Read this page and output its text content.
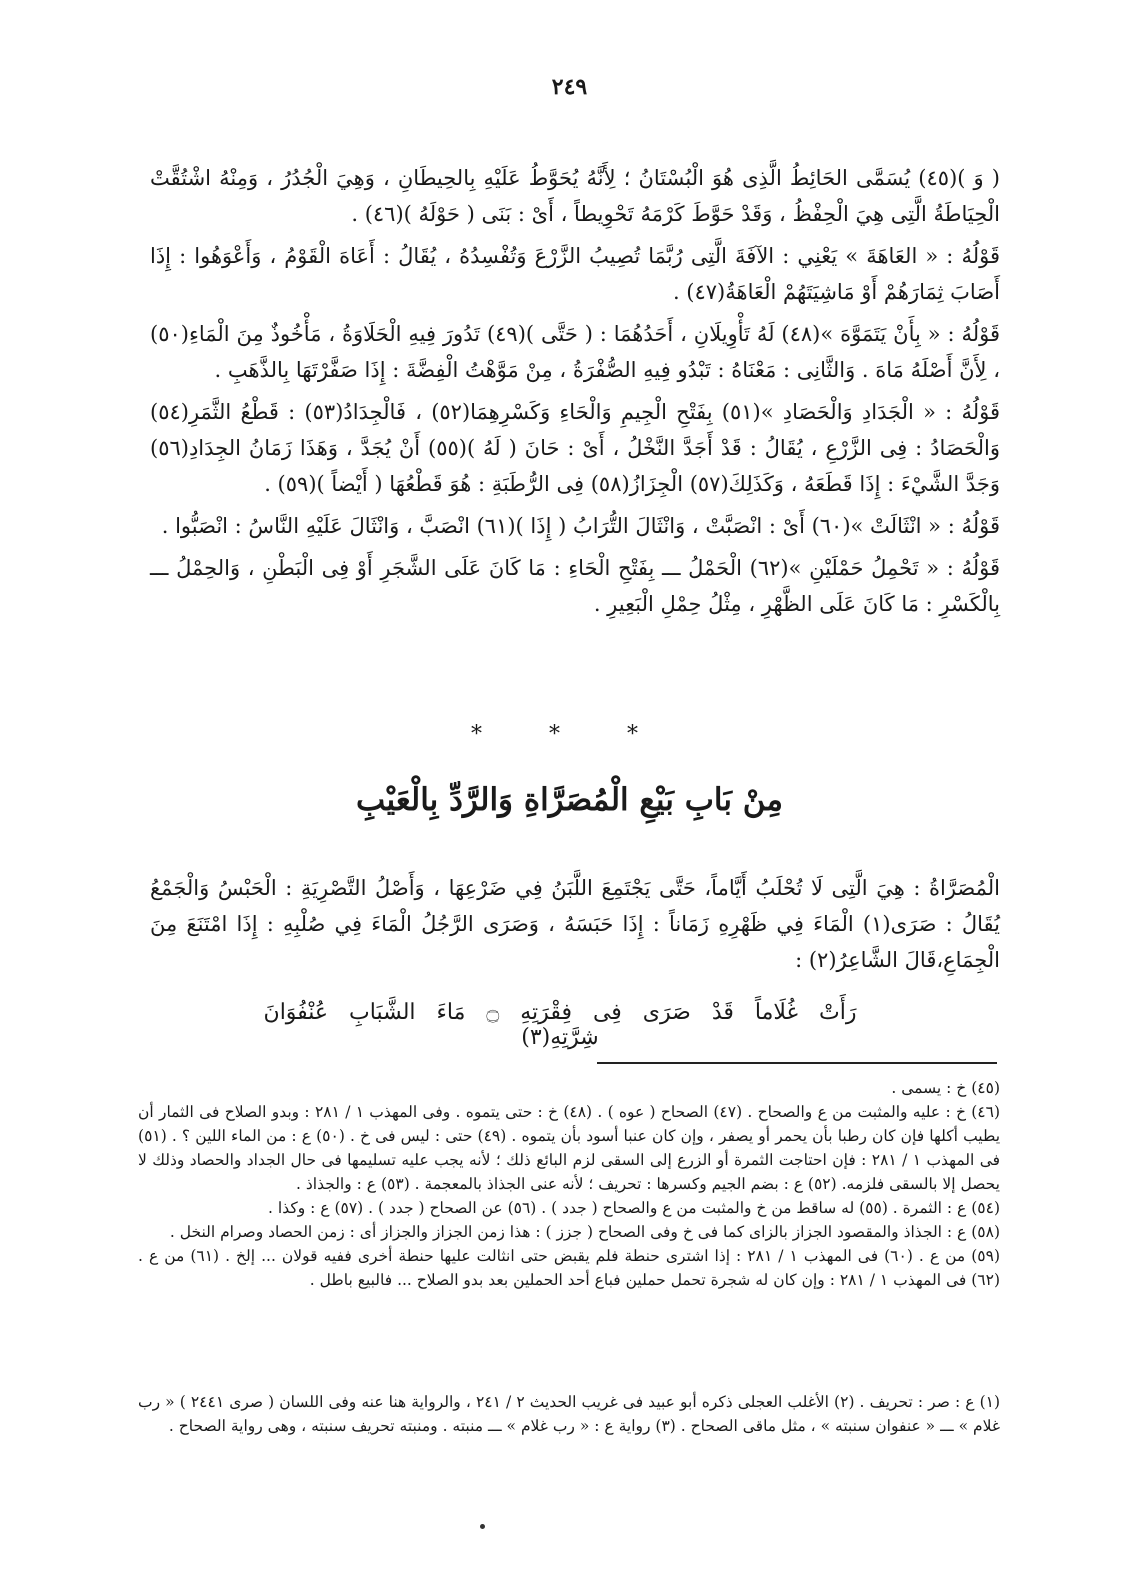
٢٤٩

( وَ )(٤٥) يُسَمَّى الحَائِطُ الَّذِى هُوَ الْبُسْتَانُ ؛ لِأَنَّهُ يُحَوَّطُ عَلَيْهِ بِالحِيطَانِ ، وَهِيَ الْجُدُرُ ، وَمِنْهُ اشْتُقَّتْ الْحِيَاطَةُ الَّتِى هِيَ الْحِفْظُ ، وَقَدْ حَوَّطَ كَرْمَهُ تَحْوِيطاً ، أَىْ : بَنَى ( حَوْلَهُ )(٤٦) .

قَوْلُهُ : « العَاهَةَ » يَعْنِي : الآفَةَ الَّتِى رُبَّمَا تُصِيبُ الزَّرْعَ وَتُفْسِدُهُ ، يُقَالُ : أَعَاهَ الْقَوْمُ ، وَأَعْوَهُوا : إِذَا أَصَابَ ثِمَارَهُمْ أَوْ مَاشِيَتَهُمْ الْعَاهَةُ(٤٧) .

قَوْلُهُ : « بِأَنْ يَتَمَوَّهَ »(٤٨) لَهُ تَأْوِيلَانِ ، أَحَدُهُمَا : ( حَتَّى )(٤٩) تَدُورَ فِيهِ الْحَلَاوَةُ ، مَأْخُوذٌ مِنَ الْمَاءِ(٥٠) ، لِأَنَّ أَصْلَهُ مَاهَ . وَالثَّانِى : مَعْنَاهُ : تَبْدُو فِيهِ الصُّفْرَةُ ، مِنْ مَوَّهْتُ الْفِضَّةَ : إِذَا صَفَّرْتَهَا بِالذَّهَبِ .

قَوْلُهُ : « الْجَدَادِ وَالْحَصَادِ »(٥١) بِفَتْحِ الْجِيمِ وَالْحَاءِ وَكَسْرِهِمَا(٥٢) ، فَالْجِدَادُ(٥٣) : قَطْعُ الثَّمَرِ(٥٤) وَالْحَصَادُ : فِى الزَّرْعِ ، يُقَالُ : قَدْ أَجَدَّ النَّخْلُ ، أَىْ : حَانَ ( لَهُ )(٥٥) أَنْ يُجَدَّ ، وَهَذَا زَمَانُ الجِدَادِ(٥٦) وَجَدَّ الشَّيْءَ : إِذَا قَطَعَهُ ، وَكَذَلِكَ(٥٧) الْجِزَازُ(٥٨) فِى الرُّطَبَةِ : هُوَ قَطْعُهَا ( أَيْضاً )(٥٩) .

قَوْلُهُ : « انْثَالَتْ »(٦٠) أَىْ : انْصَبَّتْ ، وَانْثَالَ التُّرَابُ ( إِذَا )(٦١) انْصَبَّ ، وَانْثَالَ عَلَيْهِ النَّاسُ : انْصَبُّوا .

قَوْلُهُ : « تَحْمِلُ حَمْلَيْنِ »(٦٢) الْحَمْلُ ـــ بِفَتْحِ الْحَاءِ : مَا كَانَ عَلَى الشَّجَرِ أَوْ فِى الْبَطْنِ ، وَالحِمْلُ ـــ بِالْكَسْرِ : مَا كَانَ عَلَى الظَّهْرِ ، مِثْلُ حِمْلِ الْبَعِيرِ .

* * *
مِنْ بَابِ بَيْعِ الْمُصَرَّاةِ وَالرَّدِّ بِالْعَيْبِ

الْمُصَرَّاةُ : هِيَ الَّتِى لَا تُحْلَبُ أَيَّاماً، حَتَّى يَجْتَمِعَ اللَّبَنُ فِي ضَرْعِهَا ، وَأَصْلُ التَّصْرِيَةِ : الْحَبْسُ وَالْجَمْعُ يُقَالُ : صَرَى(١) الْمَاءَ فِي ظَهْرِهِ زَمَاناً : إِذَا حَبَسَهُ ، وَصَرَى الرَّجُلُ الْمَاءَ فِي صُلْبِهِ : إِذَا امْتَنَعَ مِنَ الْجِمَاعِ،قَالَ الشَّاعِرُ(٢) :

رَأَتْ غُلَاماً قَدْ صَرَى فِى فِقْرَتِهِ ۝ مَاءَ الشَّبَابِ عُنْفُوَانَ شِرَّتِهِ(٣)

(٤٥) خ : يسمى .

(٤٦) خ : عليه والمثبت من ع والصحاح . (٤٧) الصحاح ( عوه ) . (٤٨) خ : حتى يتموه . وفى المهذب ١ / ٢٨١ : وبدو الصلاح فى الثمار أن يطيب أكلها فإن كان رطبا بأن يحمر أو يصفر ، وإن كان عنبا أسود بأن يتموه . (٤٩) حتى : ليس فى خ . (٥٠) ع : من الماء اللين ؟ . (٥١) فى المهذب ١ / ٢٨١ : فإن احتاجت الثمرة أو الزرع إلى السقى لزم البائع ذلك ؛ لأنه يجب عليه تسليمها فى حال الجداد والحصاد وذلك لا يحصل إلا بالسقى فلزمه. (٥٢) ع : بضم الجيم وكسرها : تحريف ؛ لأنه عنى الجذاذ بالمعجمة . (٥٣) ع : والجذاذ .

(٥٤) ع : الثمرة . (٥٥) له ساقط من خ والمثبت من ع والصحاح ( جدد ) . (٥٦) عن الصحاح ( جدد ) . (٥٧) ع : وكذا .

(٥٨) ع : الجذاذ والمقصود الجزاز بالزاى كما فى خ وفى الصحاح ( جزز ) : هذا زمن الجزاز والجزاز أى : زمن الحصاد وصرام النخل .

(٥٩) من ع . (٦٠) فى المهذب ١ / ٢٨١ : إذا اشترى حنطة فلم يقبض حتى انثالت عليها حنطة أخرى ففيه قولان ... إلخ . (٦١) من ع . (٦٢) فى المهذب ١ / ٢٨١ : وإن كان له شجرة تحمل حملين فباع أحد الحملين بعد بدو الصلاح ... فالبيع باطل .

(١) ع : صر : تحريف . (٢) الأغلب العجلى ذكره أبو عبيد فى غريب الحديث ٢ / ٢٤١ ، والرواية هنا عنه وفى اللسان ( صرى ٢٤٤١ ) « رب غلام » ـــ « عنفوان سنبته » ، مثل ماقى الصحاح . (٣) رواية ع : « رب غلام » ـــ منبته . ومنبته تحريف سنبته ، وهى رواية الصحاح .
